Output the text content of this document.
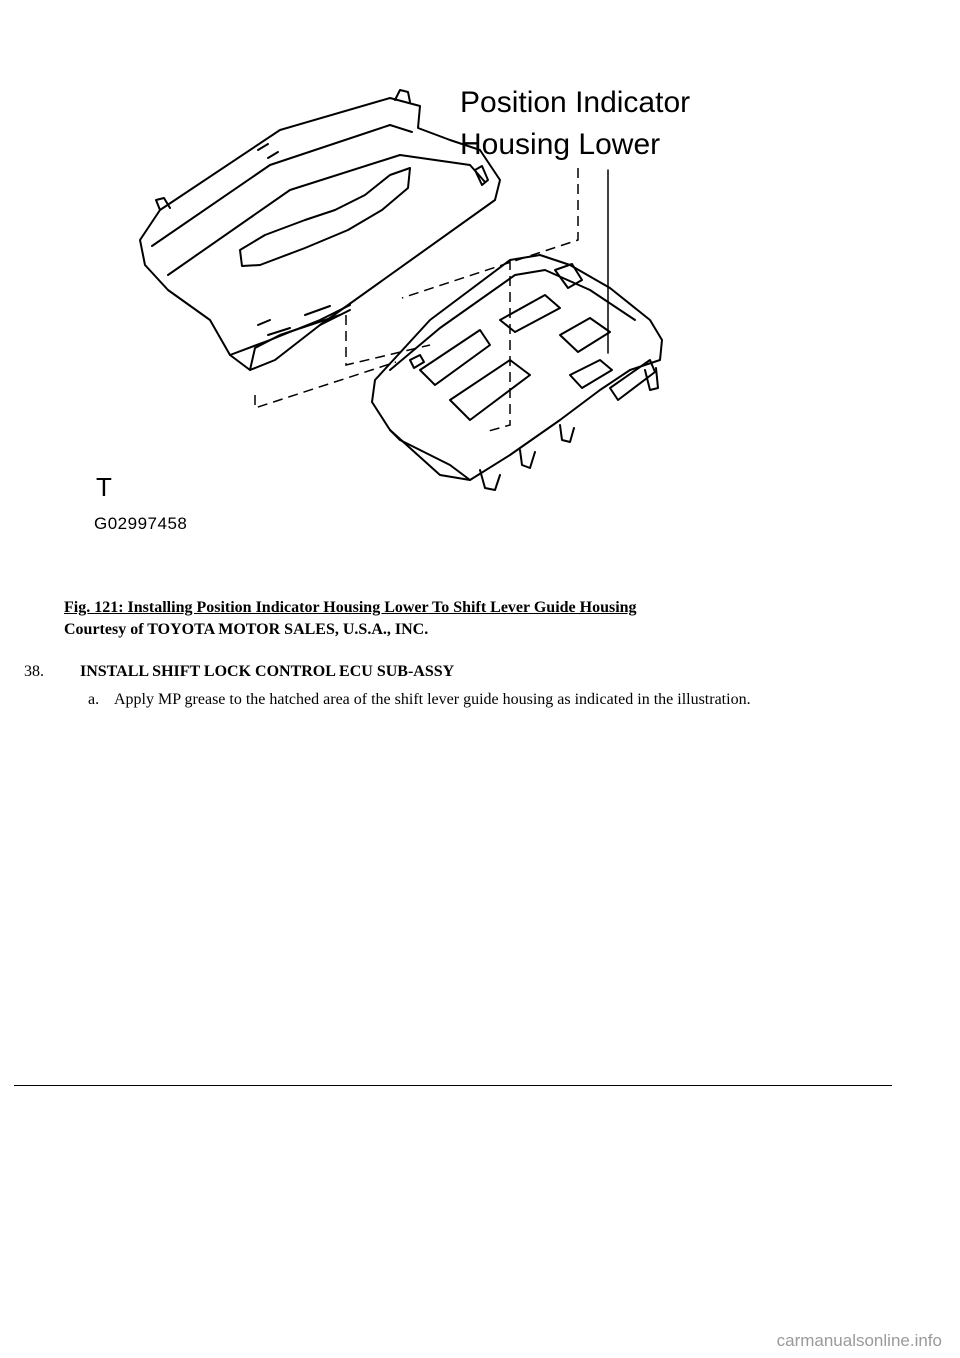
Position Indicator
Housing Lower
T
G02997458
Fig. 121: Installing Position Indicator Housing Lower To Shift Lever Guide Housing
Courtesy of TOYOTA MOTOR SALES, U.S.A., INC.
38. INSTALL SHIFT LOCK CONTROL ECU SUB-ASSY
a. Apply MP grease to the hatched area of the shift lever guide housing as indicated in the illustration.
carmanualsonline.info
